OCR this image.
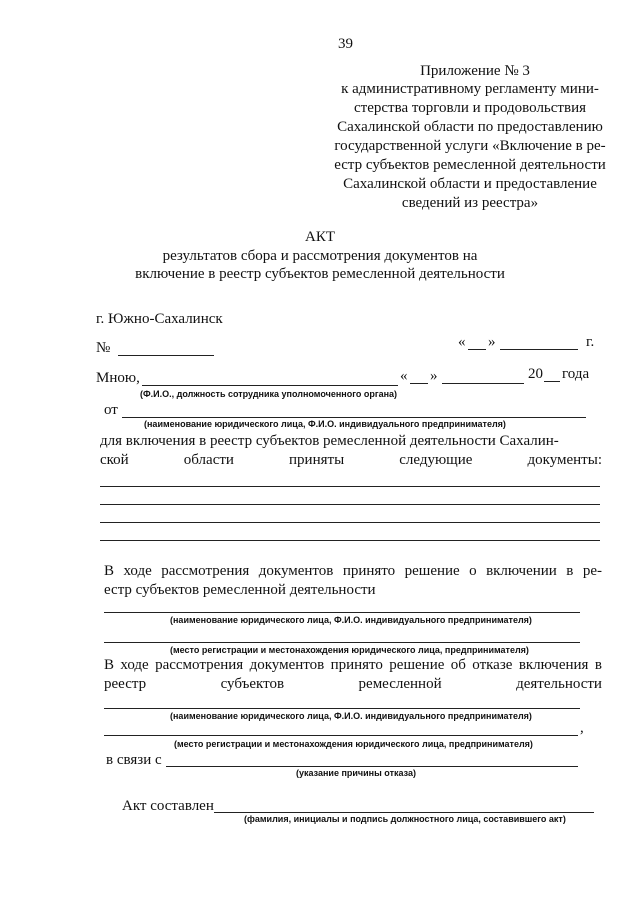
39
Приложение № 3
к административному регламенту мини-
стерства торговли и продовольствия
Сахалинской области по предоставлению
государственной услуги «Включение в ре-
естр субъектов ремесленной деятельности
Сахалинской области и предоставление
сведений из реестра»
АКТ
результатов сбора и рассмотрения документов на
включение в реестр субъектов ремесленной деятельности
г. Южно-Сахалинск
№	« »	г.
Мною,	« »	20 года
(Ф.И.О., должность сотрудника уполномоченного органа)
от
(наименование юридического лица, Ф.И.О. индивидуального предпринимателя)
для включения в реестр субъектов ремесленной деятельности Сахалин-
ской	области	приняты	следующие	документы:
В ходе рассмотрения документов принято решение о включении в ре-
естр субъектов ремесленной деятельности
(наименование юридического лица, Ф.И.О. индивидуального предпринимателя)
(место регистрации и местонахождения юридического лица, предпринимателя)
В ходе рассмотрения документов принято решение об отказе включения в
реестр	субъектов	ремесленной	деятельности
(наименование юридического лица, Ф.И.О. индивидуального предпринимателя)
,
(место регистрации и местонахождения юридического лица, предпринимателя)
в связи с
(указание причины отказа)
Акт составлен
(фамилия, инициалы и подпись должностного лица, составившего акт)
